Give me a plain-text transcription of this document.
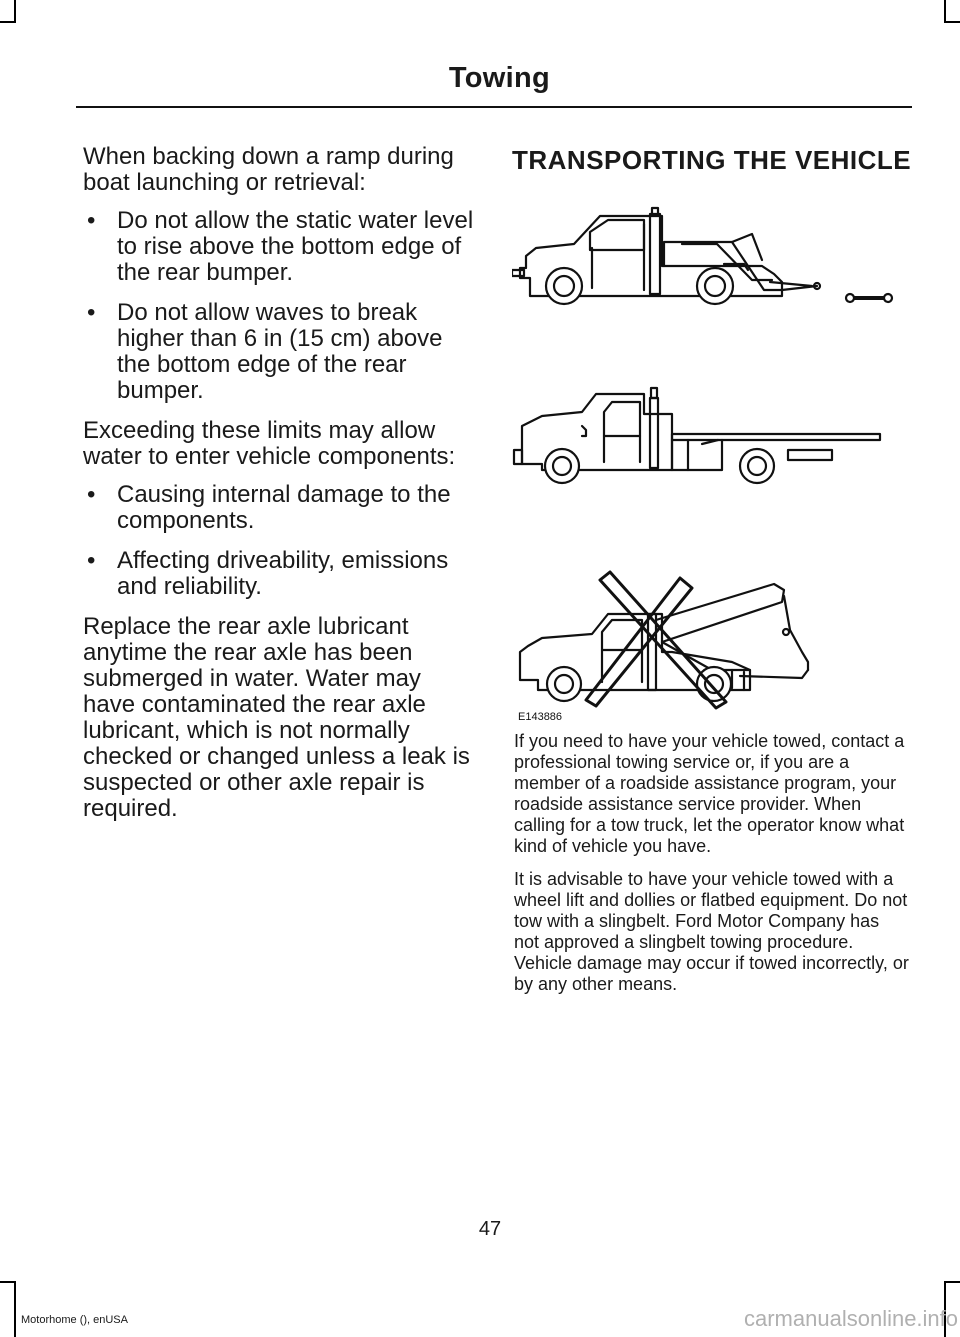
Towing

When backing down a ramp during boat launching or retrieval:

• Do not allow the static water level to rise above the bottom edge of the rear bumper.
• Do not allow waves to break higher than 6 in (15 cm) above the bottom edge of the rear bumper.

Exceeding these limits may allow water to enter vehicle components:

• Causing internal damage to the components.
• Affecting driveability, emissions and reliability.

Replace the rear axle lubricant anytime the rear axle has been submerged in water. Water may have contaminated the rear axle lubricant, which is not normally checked or changed unless a leak is suspected or other axle repair is required.

TRANSPORTING THE VEHICLE
E143886

If you need to have your vehicle towed, contact a professional towing service or, if you are a member of a roadside assistance program, your roadside assistance service provider. When calling for a tow truck, let the operator know what kind of vehicle you have.

It is advisable to have your vehicle towed with a wheel lift and dollies or flatbed equipment. Do not tow with a slingbelt. Ford Motor Company has not approved a slingbelt towing procedure. Vehicle damage may occur if towed incorrectly, or by any other means.

47
Motorhome (), enUSA	carmanualsonline.info
